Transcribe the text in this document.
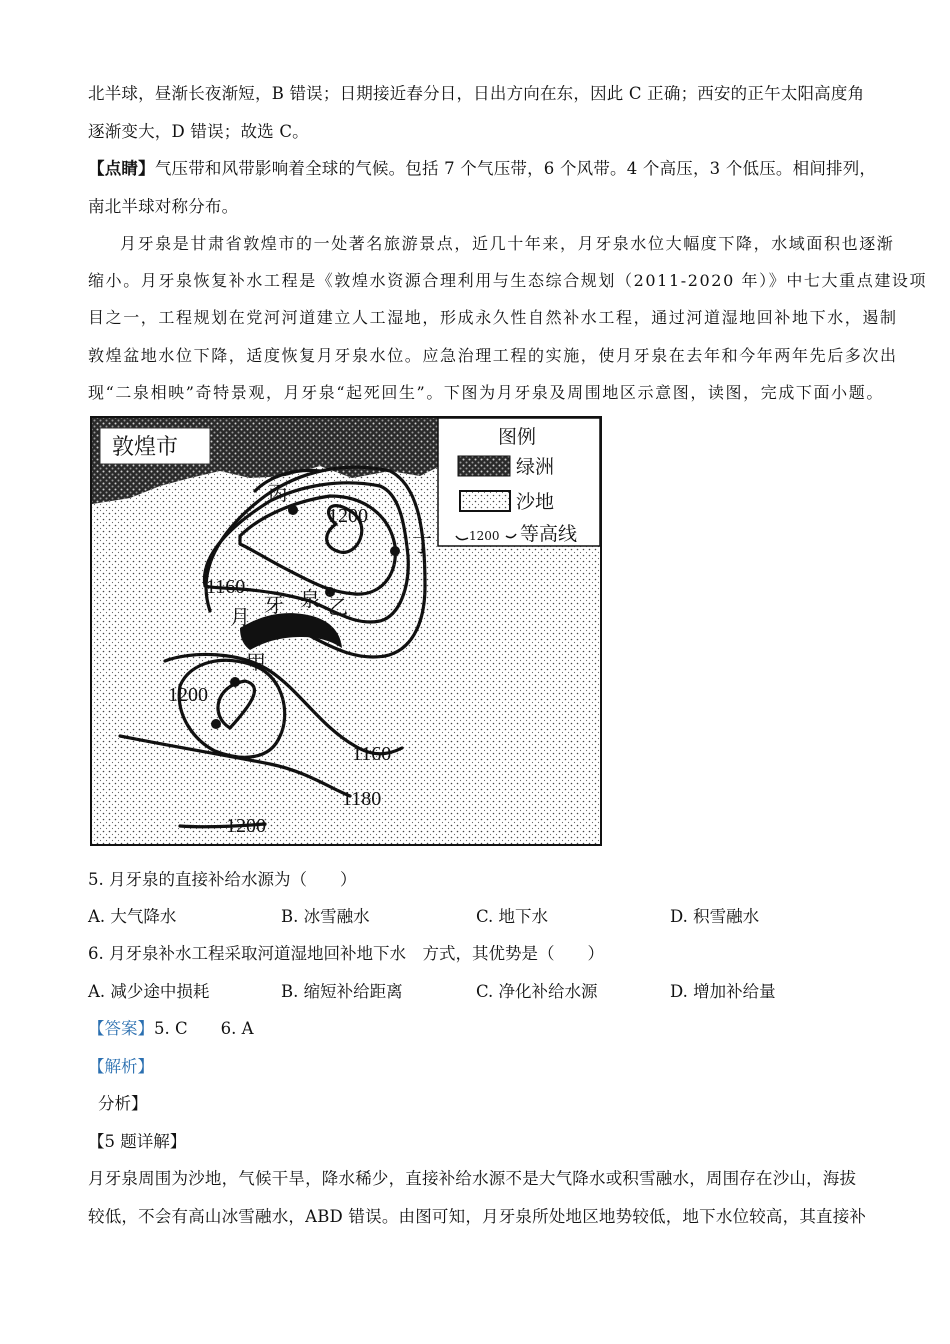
北半球，昼渐长夜渐短，B 错误；日期接近春分日，日出方向在东，因此 C 正确；西安的正午太阳高度角
逐渐变大，D 错误；故选 C。
【点睛】气压带和风带影响着全球的气候。包括 7 个气压带，6 个风带。4 个高压，3 个低压。相间排列，
南北半球对称分布。
月牙泉是甘肃省敦煌市的一处著名旅游景点，近几十年来，月牙泉水位大幅度下降，水域面积也逐渐
缩小。月牙泉恢复补水工程是《敦煌水资源合理利用与生态综合规划（2011-2020 年）》中七大重点建设项
目之一，工程规划在党河河道建立人工湿地，形成永久性自然补水工程，通过河道湿地回补地下水，遏制
敦煌盆地水位下降，适度恢复月牙泉水位。应急治理工程的实施，使月牙泉在去年和今年两年先后多次出
现“二泉相映”奇特景观，月牙泉“起死回生”。下图为月牙泉及周围地区示意图，读图，完成下面小题。
敦煌市	图例
绿洲
沙地
1200 等高线
丙
丁
乙
甲
月 牙 泉
1200
1160
1200
1160
1180
1200
5. 月牙泉的直接补给水源为（　　）
A. 大气降水	B. 冰雪融水	C. 地下水	D. 积雪融水
6. 月牙泉补水工程采取河道湿地回补地下水　方式，其优势是（　　）
A. 减少途中损耗	B. 缩短补给距离	C. 净化补给水源	D. 增加补给量
【答案】5. C　　6. A
【解析】
分析】
【5 题详解】
月牙泉周围为沙地，气候干旱，降水稀少，直接补给水源不是大气降水或积雪融水，周围存在沙山，海拔
较低，不会有高山冰雪融水，ABD 错误。由图可知，月牙泉所处地区地势较低，地下水位较高，其直接补
